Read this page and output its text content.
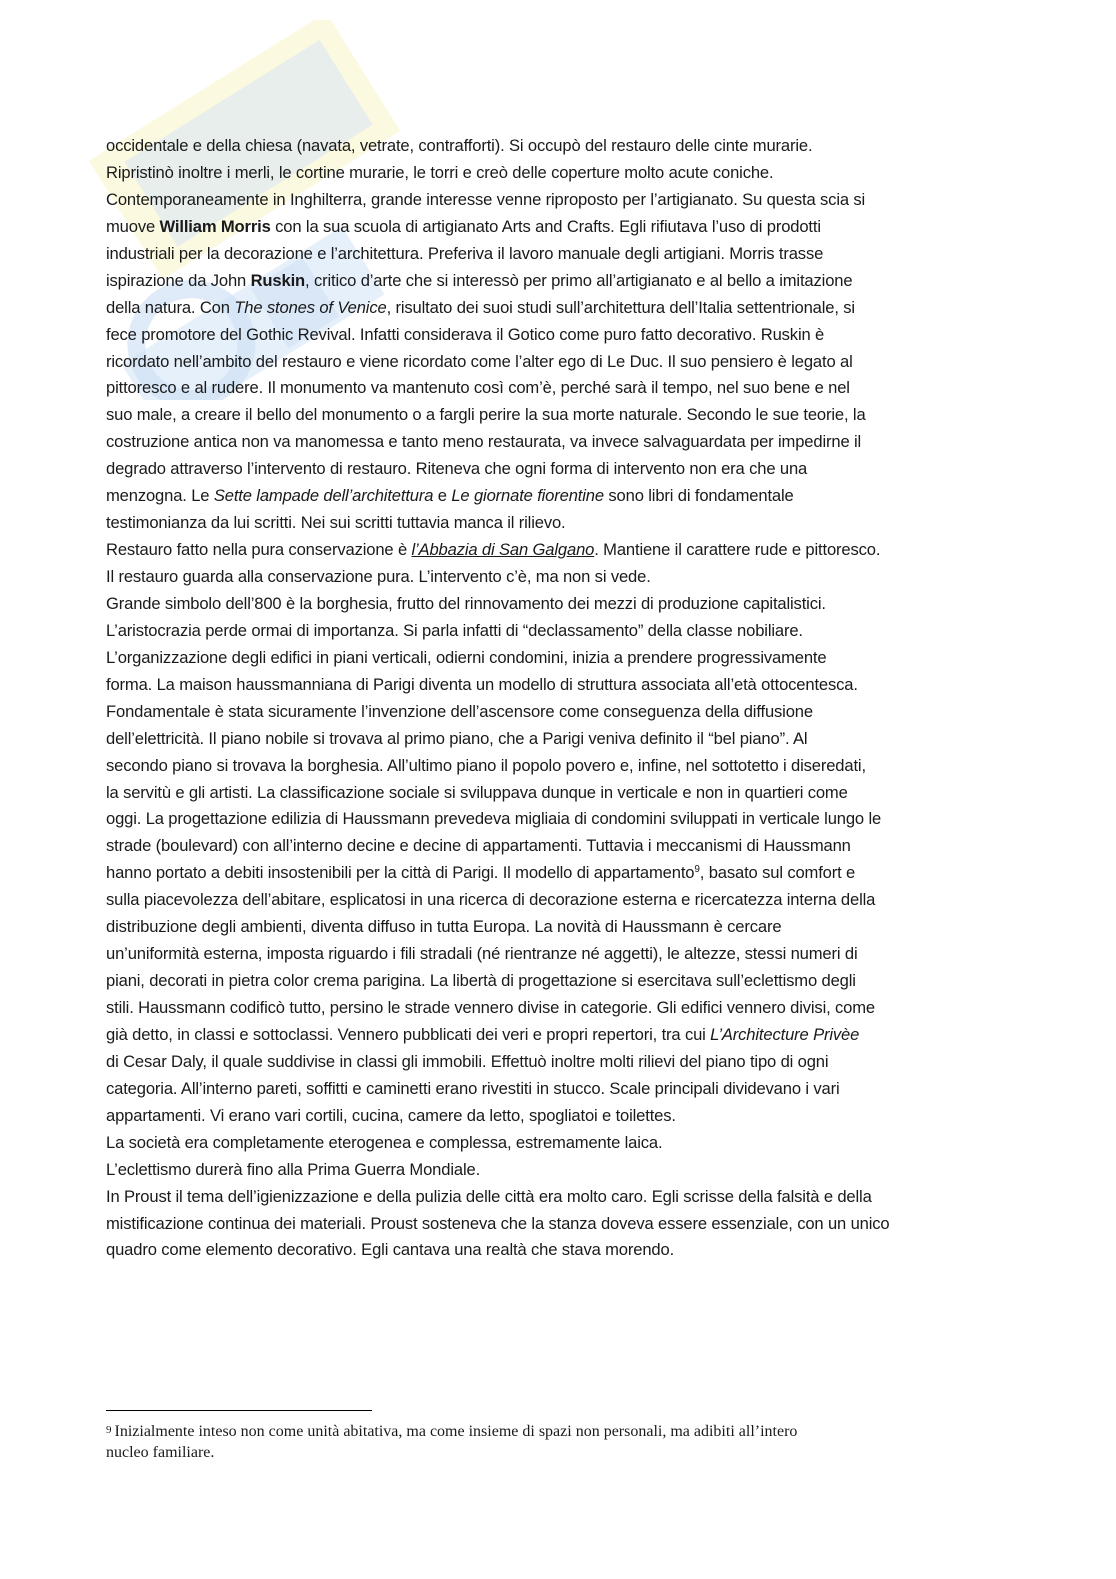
occidentale e della chiesa (navata, vetrate, contrafforti). Si occupò del restauro delle cinte murarie.
Ripristinò inoltre i merli, le cortine murarie, le torri e creò delle coperture molto acute coniche.
Contemporaneamente in Inghilterra, grande interesse venne riproposto per l’artigianato. Su questa scia si
muove William Morris con la sua scuola di artigianato Arts and Crafts. Egli rifiutava l’uso di prodotti
industriali per la decorazione e l’architettura. Preferiva il lavoro manuale degli artigiani. Morris trasse
ispirazione da John Ruskin, critico d’arte che si interessò per primo all’artigianato e al bello a imitazione
della natura. Con The stones of Venice, risultato dei suoi studi sull’architettura dell’Italia settentrionale, si
fece promotore del Gothic Revival. Infatti considerava il Gotico come puro fatto decorativo. Ruskin è
ricordato nell’ambito del restauro e viene ricordato come l’alter ego di Le Duc. Il suo pensiero è legato al
pittoresco e al rudere. Il monumento va mantenuto così com’è, perché sarà il tempo, nel suo bene e nel
suo male, a creare il bello del monumento o a fargli perire la sua morte naturale. Secondo le sue teorie, la
costruzione antica non va manomessa e tanto meno restaurata, va invece salvaguardata per impedirne il
degrado attraverso l’intervento di restauro. Riteneva che ogni forma di intervento non era che una
menzogna. Le Sette lampade dell’architettura e Le giornate fiorentine sono libri di fondamentale
testimonianza da lui scritti. Nei sui scritti tuttavia manca il rilievo.
Restauro fatto nella pura conservazione è l’Abbazia di San Galgano. Mantiene il carattere rude e pittoresco.
Il restauro guarda alla conservazione pura. L’intervento c’è, ma non si vede.
Grande simbolo dell’800 è la borghesia, frutto del rinnovamento dei mezzi di produzione capitalistici.
L’aristocrazia perde ormai di importanza. Si parla infatti di “declassamento” della classe nobiliare.
L’organizzazione degli edifici in piani verticali, odierni condomini, inizia a prendere progressivamente
forma. La maison haussmanniana di Parigi diventa un modello di struttura associata all’età ottocentesca.
Fondamentale è stata sicuramente l’invenzione dell’ascensore come conseguenza della diffusione
dell’elettricità. Il piano nobile si trovava al primo piano, che a Parigi veniva definito il “bel piano”. Al
secondo piano si trovava la borghesia. All’ultimo piano il popolo povero e, infine, nel sottotetto i diseredati,
la servitù e gli artisti. La classificazione sociale si sviluppava dunque in verticale e non in quartieri come
oggi. La progettazione edilizia di Haussmann prevedeva migliaia di condomini sviluppati in verticale lungo le
strade (boulevard) con all’interno decine e decine di appartamenti. Tuttavia i meccanismi di Haussmann
hanno portato a debiti insostenibili per la città di Parigi. Il modello di appartamento$^9$, basato sul comfort e
sulla piacevolezza dell’abitare, esplicatosi in una ricerca di decorazione esterna e ricercatezza interna della
distribuzione degli ambienti, diventa diffuso in tutta Europa. La novità di Haussmann è cercare
un’uniformità esterna, imposta riguardo i fili stradali (né rientranze né aggetti), le altezze, stessi numeri di
piani, decorati in pietra color crema parigina. La libertà di progettazione si esercitava sull’eclettismo degli
stili. Haussmann codificò tutto, persino le strade vennero divise in categorie. Gli edifici vennero divisi, come
già detto, in classi e sottoclassi. Vennero pubblicati dei veri e propri repertori, tra cui L’Architecture Privèe
di Cesar Daly, il quale suddivise in classi gli immobili. Effettuò inoltre molti rilievi del piano tipo di ogni
categoria. All’interno pareti, soffitti e caminetti erano rivestiti in stucco. Scale principali dividevano i vari
appartamenti. Vi erano vari cortili, cucina, camere da letto, spogliatoi e toilettes.
La società era completamente eterogenea e complessa, estremamente laica.
L’eclettismo durerà fino alla Prima Guerra Mondiale.
In Proust il tema dell’igienizzazione e della pulizia delle città era molto caro. Egli scrisse della falsità e della
mistificazione continua dei materiali. Proust sosteneva che la stanza doveva essere essenziale, con un unico
quadro come elemento decorativo. Egli cantava una realtà che stava morendo.
9 Inizialmente inteso non come unità abitativa, ma come insieme di spazi non personali, ma adibiti all’intero
nucleo familiare.
